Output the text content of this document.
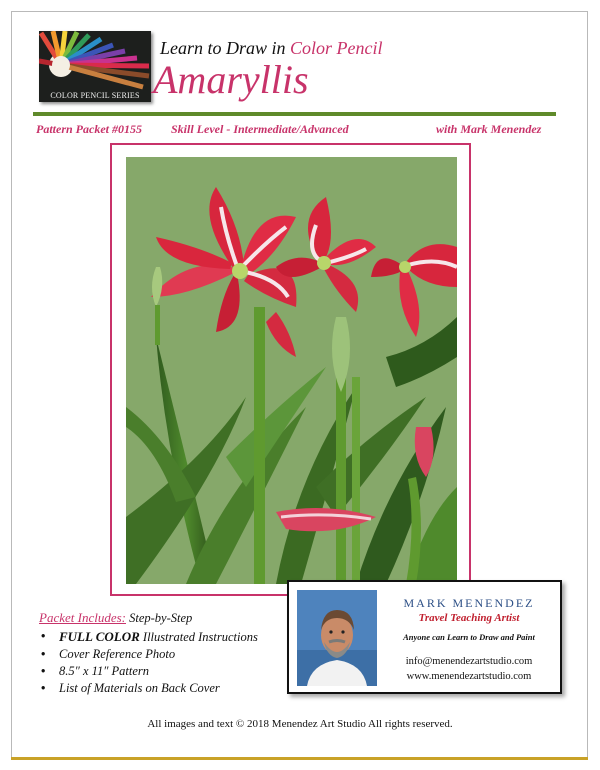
COLOR PENCIL SERIES
Learn to Draw in Color Pencil
Amaryllis
Pattern Packet #0155 Skill Level - Intermediate/Advanced	with Mark Menendez
Packet Includes: Step-by-Step
• FULL COLOR Illustrated Instructions
• Cover Reference Photo
• 8.5″ x 11″ Pattern
• List of Materials on Back Cover
MARK MENENDEZ
Travel Teaching Artist
Anyone can Learn to Draw and Paint
info@menendezartstudio.com
www.menendezartstudio.com
All images and text © 2018 Menendez Art Studio All rights reserved.
